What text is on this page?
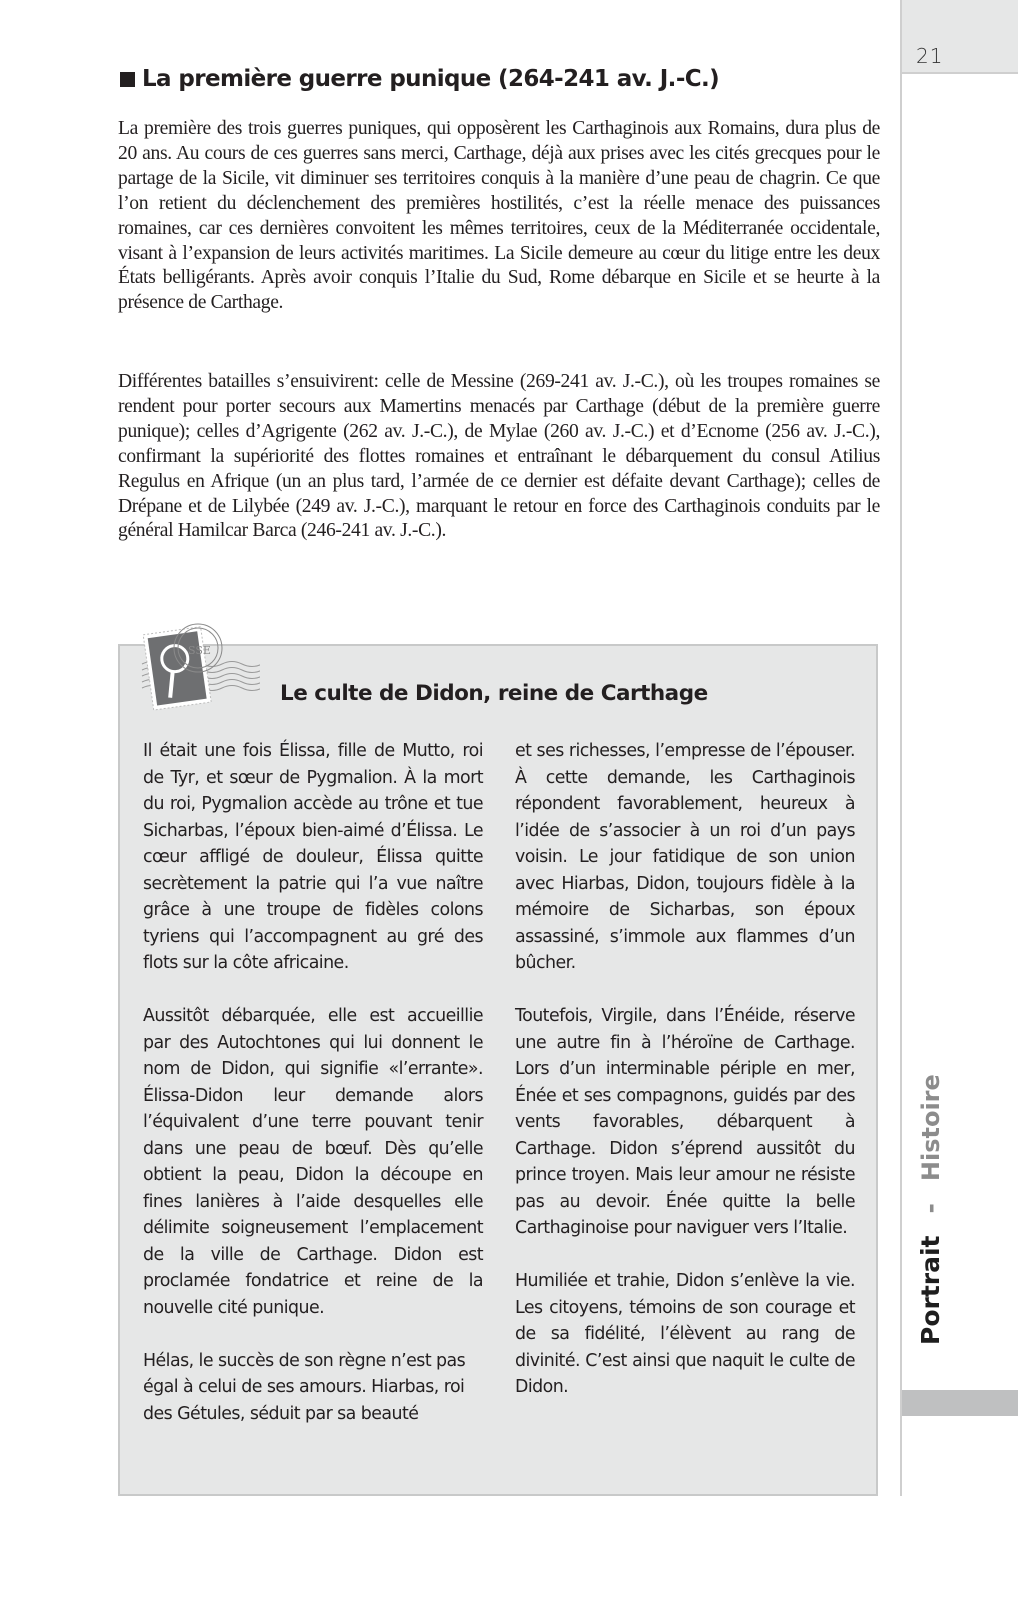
21
Portrait-Histoire
La première guerre punique (264-241 av. J.-C.)
La première des trois guerres puniques, qui opposèrent les Carthaginois aux Romains, dura plus de 20 ans. Au cours de ces guerres sans merci, Carthage, déjà aux prises avec les cités grecques pour le partage de la Sicile, vit diminuer ses territoires conquis à la manière d’une peau de chagrin. Ce que l’on retient du déclenchement des premières hostilités, c’est la réelle menace des puissances romaines, car ces dernières convoitent les mêmes territoires, ceux de la Méditerranée occidentale, visant à l’expansion de leurs activités maritimes. La Sicile demeure au cœur du litige entre les deux États belligérants. Après avoir conquis l’Italie du Sud, Rome débarque en Sicile et se heurte à la présence de Carthage.
Différentes batailles s’ensuivirent: celle de Messine (269-241 av. J.-C.), où les troupes romaines se rendent pour porter secours aux Mamertins menacés par Carthage (début de la première guerre punique); celles d’Agrigente (262 av. J.-C.), de Mylae (260 av. J.-C.) et d’Ecnome (256 av. J.-C.), confirmant la supériorité des flottes romaines et entraînant le débarquement du consul Atilius Regulus en Afrique (un an plus tard, l’armée de ce dernier est défaite devant Carthage); celles de Drépane et de Lilybée (249 av. J.-C.), marquant le retour en force des Carthaginois conduits par le général Hamilcar Barca (246-241 av. J.-C.).
SSE
Le culte de Didon, reine de Carthage

Il était une fois Élissa, fille de Mutto, roi de Tyr, et sœur de Pygmalion. À la mort du roi, Pygmalion accède au trône et tue Sicharbas, l’époux bien-aimé d’Élissa. Le cœur affligé de douleur, Élissa quitte secrètement la patrie qui l’a vue naître grâce à une troupe de fidèles colons tyriens qui l’accompagnent au gré des flots sur la côte africaine.

Aussitôt débarquée, elle est accueillie par des Autochtones qui lui donnent le nom de Didon, qui signifie «l’errante». Élissa-Didon leur demande alors l’équivalent d’une terre pouvant tenir dans une peau de bœuf. Dès qu’elle obtient la peau, Didon la découpe en fines lanières à l’aide desquelles elle délimite soigneusement l’emplacement de la ville de Carthage. Didon est proclamée fondatrice et reine de la nouvelle cité punique.

Hélas, le succès de son règne n’est pas égal à celui de ses amours. Hiarbas, roi des Gétules, séduit par sa beauté

et ses richesses, l’empresse de l’épouser. À cette demande, les Carthaginois répondent favorablement, heureux à l’idée de s’associer à un roi d’un pays voisin. Le jour fatidique de son union avec Hiarbas, Didon, toujours fidèle à la mémoire de Sicharbas, son époux assassiné, s’immole aux flammes d’un bûcher.

Toutefois, Virgile, dans l’Énéide, réserve une autre fin à l’héroïne de Carthage. Lors d’un interminable périple en mer, Énée et ses compagnons, guidés par des vents favorables, débarquent à Carthage. Didon s’éprend aussitôt du prince troyen. Mais leur amour ne résiste pas au devoir. Énée quitte la belle Carthaginoise pour naviguer vers l’Italie.

Humiliée et trahie, Didon s’enlève la vie. Les citoyens, témoins de son courage et de sa fidélité, l’élèvent au rang de divinité. C’est ainsi que naquit le culte de Didon.
